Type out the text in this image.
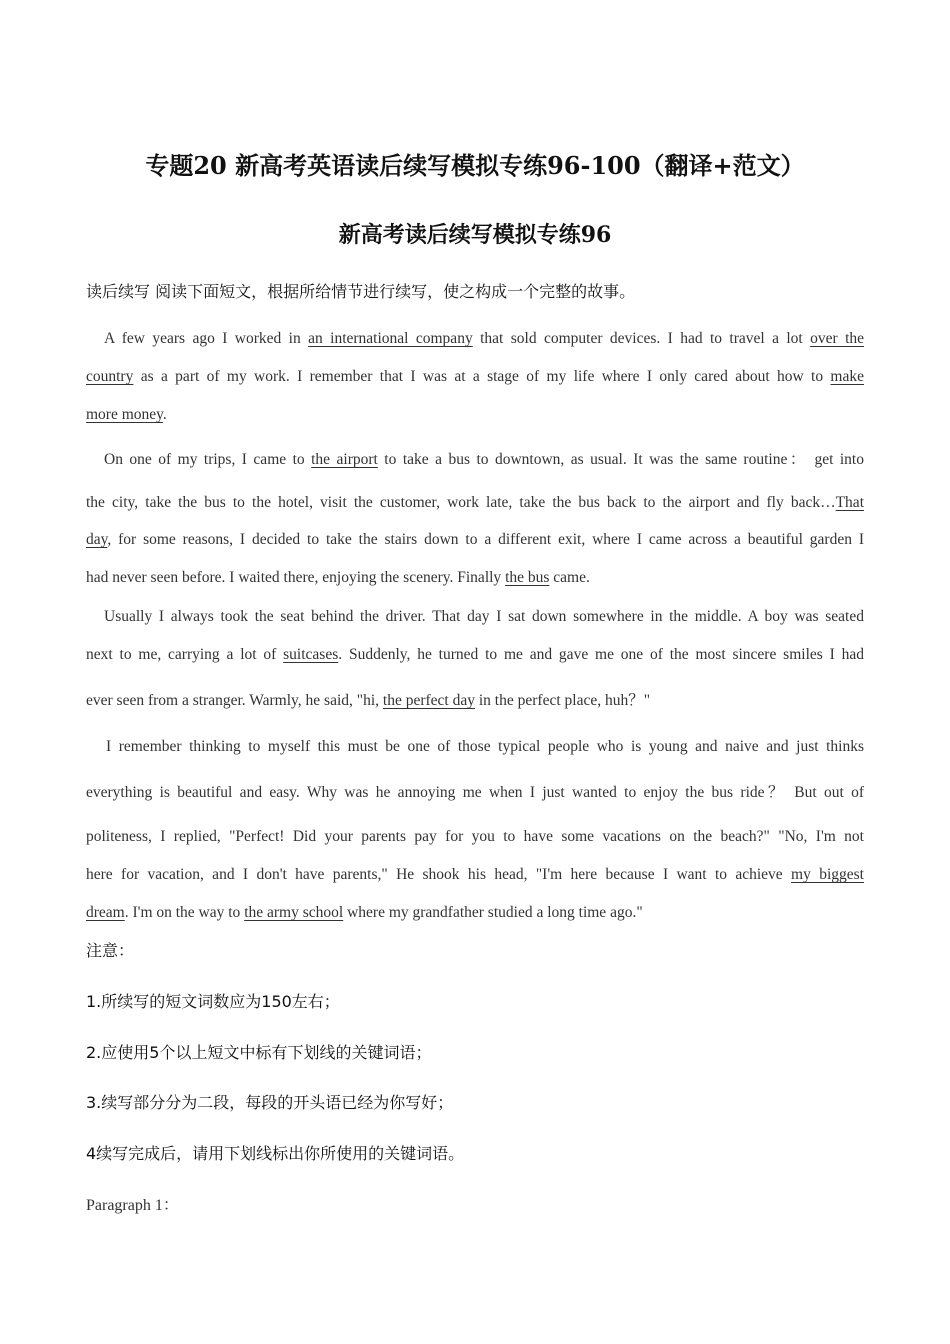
专题20 新高考英语读后续写模拟专练96-100（翻译+范文）
新高考读后续写模拟专练96
读后续写 阅读下面短文，根据所给情节进行续写，使之构成一个完整的故事。
A few years ago I worked in an international company that sold computer devices. I had to travel a lot over the
country as a part of my work. I remember that I was at a stage of my life where I only cared about how to make
more money.
On one of my trips, I came to the airport to take a bus to downtown, as usual. It was the same routine： get into
the city, take the bus to the hotel, visit the customer, work late, take the bus back to the airport and fly back…That
day, for some reasons, I decided to take the stairs down to a different exit, where I came across a beautiful garden I
had never seen before. I waited there, enjoying the scenery. Finally the bus came.
Usually I always took the seat behind the driver. That day I sat down somewhere in the middle. A boy was seated
next to me, carrying a lot of suitcases. Suddenly, he turned to me and gave me one of the most sincere smiles I had
ever seen from a stranger. Warmly, he said, "hi, the perfect day in the perfect place, huh？"
I remember thinking to myself this must be one of those typical people who is young and naive and just thinks
everything is beautiful and easy. Why was he annoying me when I just wanted to enjoy the bus ride？ But out of
politeness, I replied, "Perfect! Did your parents pay for you to have some vacations on the beach?" "No, I'm not
here for vacation, and I don't have parents," He shook his head, "I'm here because I want to achieve my biggest
dream. I'm on the way to the army school where my grandfather studied a long time ago."
注意：
1.所续写的短文词数应为150左右；
2.应使用5个以上短文中标有下划线的关键词语；
3.续写部分分为二段，每段的开头语已经为你写好；
4续写完成后，请用下划线标出你所使用的关键词语。
Paragraph 1：
